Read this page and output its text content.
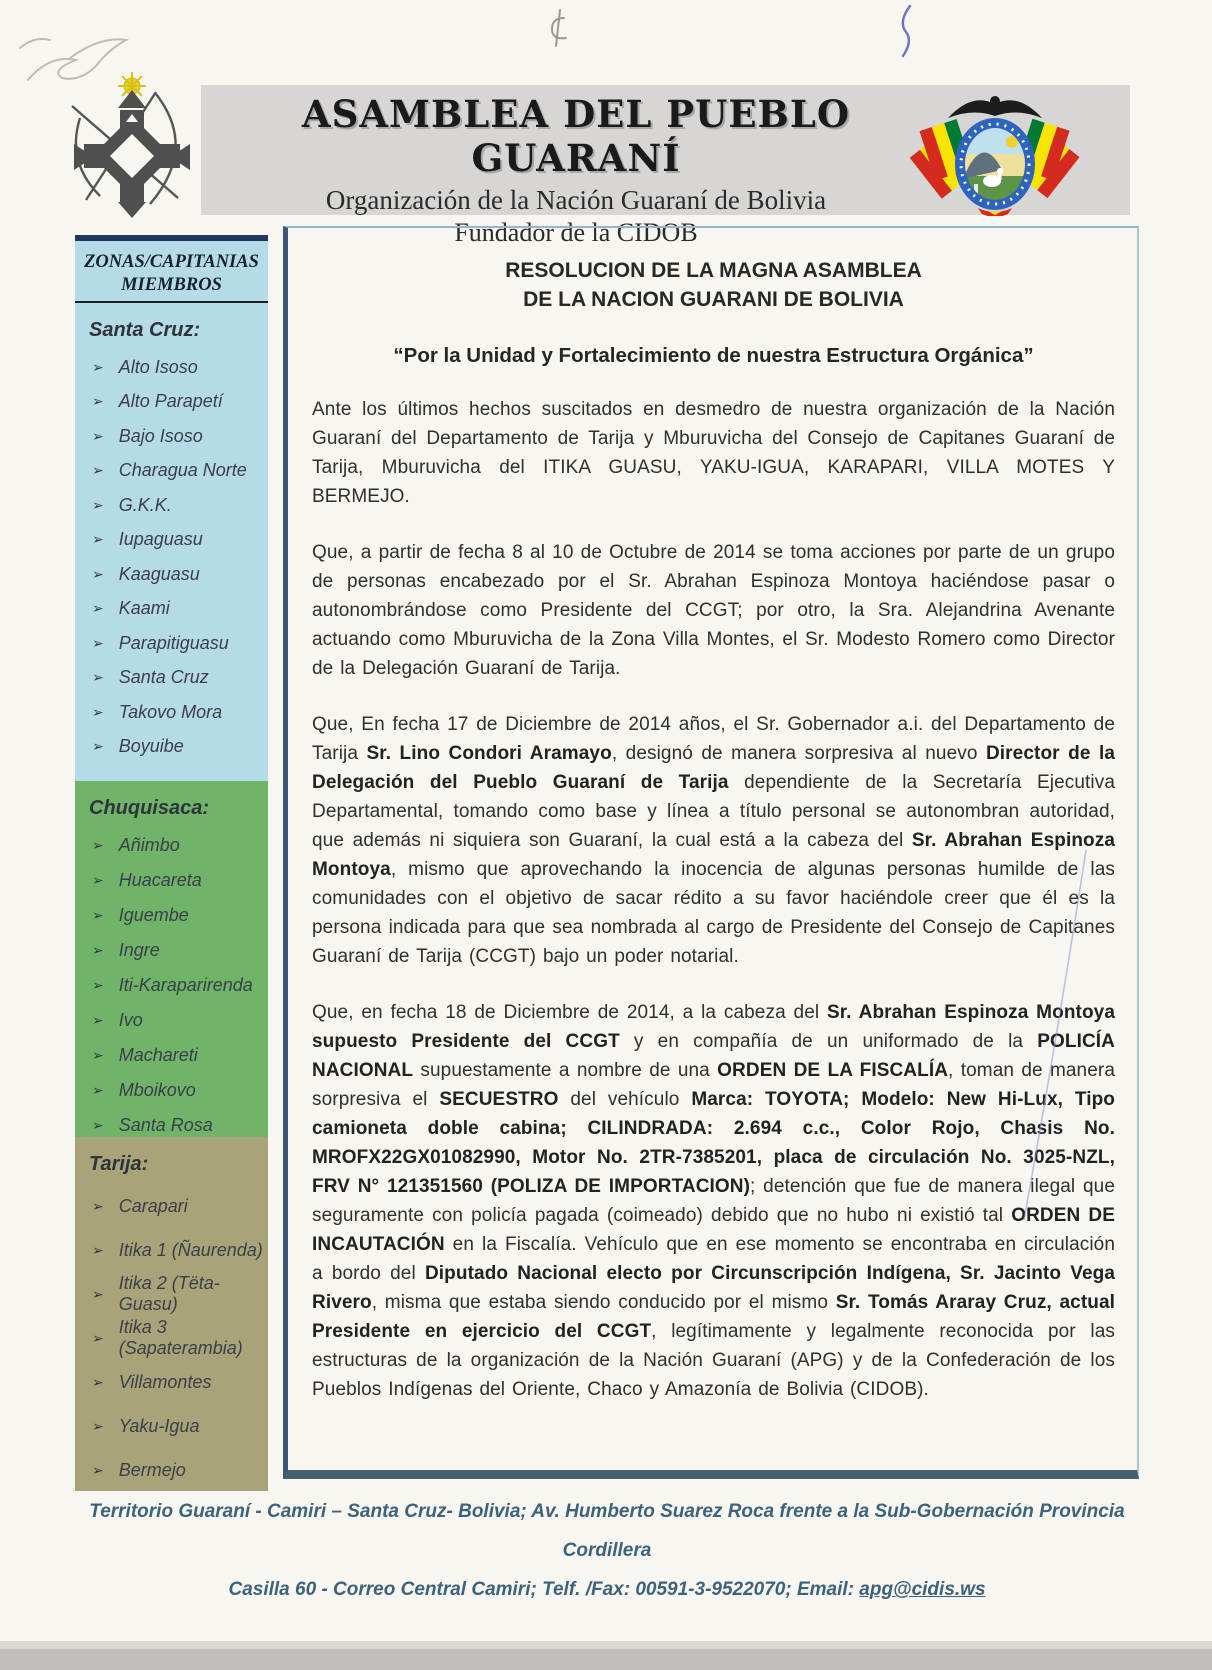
ASAMBLEA DEL PUEBLO GUARANÍ
Organización de la Nación Guaraní de Bolivia
Fundador de la CIDOB
ZONAS/CAPITANIAS
MIEMBROS
Santa Cruz:
➢ Alto Isoso
➢ Alto Parapetí
➢ Bajo Isoso
➢ Charagua Norte
➢ G.K.K.
➢ Iupaguasu
➢ Kaaguasu
➢ Kaami
➢ Parapitiguasu
➢ Santa Cruz
➢ Takovo Mora
➢ Boyuibe
Chuquisaca:
➢ Añimbo
➢ Huacareta
➢ Iguembe
➢ Ingre
➢ Iti-Karaparirenda
➢ Ivo
➢ Machareti
➢ Mboikovo
➢ Santa Rosa
Tarija:
➢ Carapari
➢ Itika 1 (Ñaurenda)
➢
Itika 2 (Tëta-Guasu)
➢
Itika 3 (Sapaterambia)
➢ Villamontes
➢ Yaku-Igua
➢ Bermejo
RESOLUCION DE LA MAGNA ASAMBLEA
DE LA NACION GUARANI DE BOLIVIA
“Por la Unidad y Fortalecimiento de nuestra Estructura Orgánica”

Ante los últimos hechos suscitados en desmedro de nuestra organización de la Nación Guaraní del Departamento de Tarija y Mburuvicha del Consejo de Capitanes Guaraní de Tarija, Mburuvicha del ITIKA GUASU, YAKU-IGUA, KARAPARI, VILLA MOTES Y BERMEJO.

Que, a partir de fecha 8 al 10 de Octubre de 2014 se toma acciones por parte de un grupo de personas encabezado por el Sr. Abrahan Espinoza Montoya haciéndose pasar o autonombrándose como Presidente del CCGT; por otro, la Sra. Alejandrina Avenante actuando como Mburuvicha de la Zona Villa Montes, el Sr. Modesto Romero como Director de la Delegación Guaraní de Tarija.

Que, En fecha 17 de Diciembre de 2014 años, el Sr. Gobernador a.i. del Departamento de Tarija Sr. Lino Condori Aramayo, designó de manera sorpresiva al nuevo Director de la Delegación del Pueblo Guaraní de Tarija dependiente de la Secretaría Ejecutiva Departamental, tomando como base y línea a título personal se autonombran autoridad, que además ni siquiera son Guaraní, la cual está a la cabeza del Sr. Abrahan Espinoza Montoya, mismo que aprovechando la inocencia de algunas personas humilde de las comunidades con el objetivo de sacar rédito a su favor haciéndole creer que él es la persona indicada para que sea nombrada al cargo de Presidente del Consejo de Capitanes Guaraní de Tarija (CCGT) bajo un poder notarial.

Que, en fecha 18 de Diciembre de 2014, a la cabeza del Sr. Abrahan Espinoza Montoya supuesto Presidente del CCGT y en compañía de un uniformado de la POLICÍA NACIONAL supuestamente a nombre de una ORDEN DE LA FISCALÍA, toman de manera sorpresiva el SECUESTRO del vehículo Marca: TOYOTA; Modelo: New Hi-Lux, Tipo camioneta doble cabina; CILINDRADA: 2.694 c.c., Color Rojo, Chasis No. MROFX22GX01082990, Motor No. 2TR-7385201, placa de circulación No. 3025-NZL, FRV N° 121351560 (POLIZA DE IMPORTACION); detención que fue de manera ilegal que seguramente con policía pagada (coimeado) debido que no hubo ni existió tal ORDEN DE INCAUTACIÓN en la Fiscalía. Vehículo que en ese momento se encontraba en circulación a bordo del Diputado Nacional electo por Circunscripción Indígena, Sr. Jacinto Vega Rivero, misma que estaba siendo conducido por el mismo Sr. Tomás Araray Cruz, actual Presidente en ejercicio del CCGT, legítimamente y legalmente reconocida por las estructuras de la organización de la Nación Guaraní (APG) y de la Confederación de los Pueblos Indígenas del Oriente, Chaco y Amazonía de Bolivia (CIDOB).

Territorio Guaraní - Camiri – Santa Cruz- Bolivia; Av. Humberto Suarez Roca frente a la Sub-Gobernación Provincia Cordillera
Casilla 60 - Correo Central Camiri; Telf. /Fax: 00591-3-9522070; Email: apg@cidis.ws
